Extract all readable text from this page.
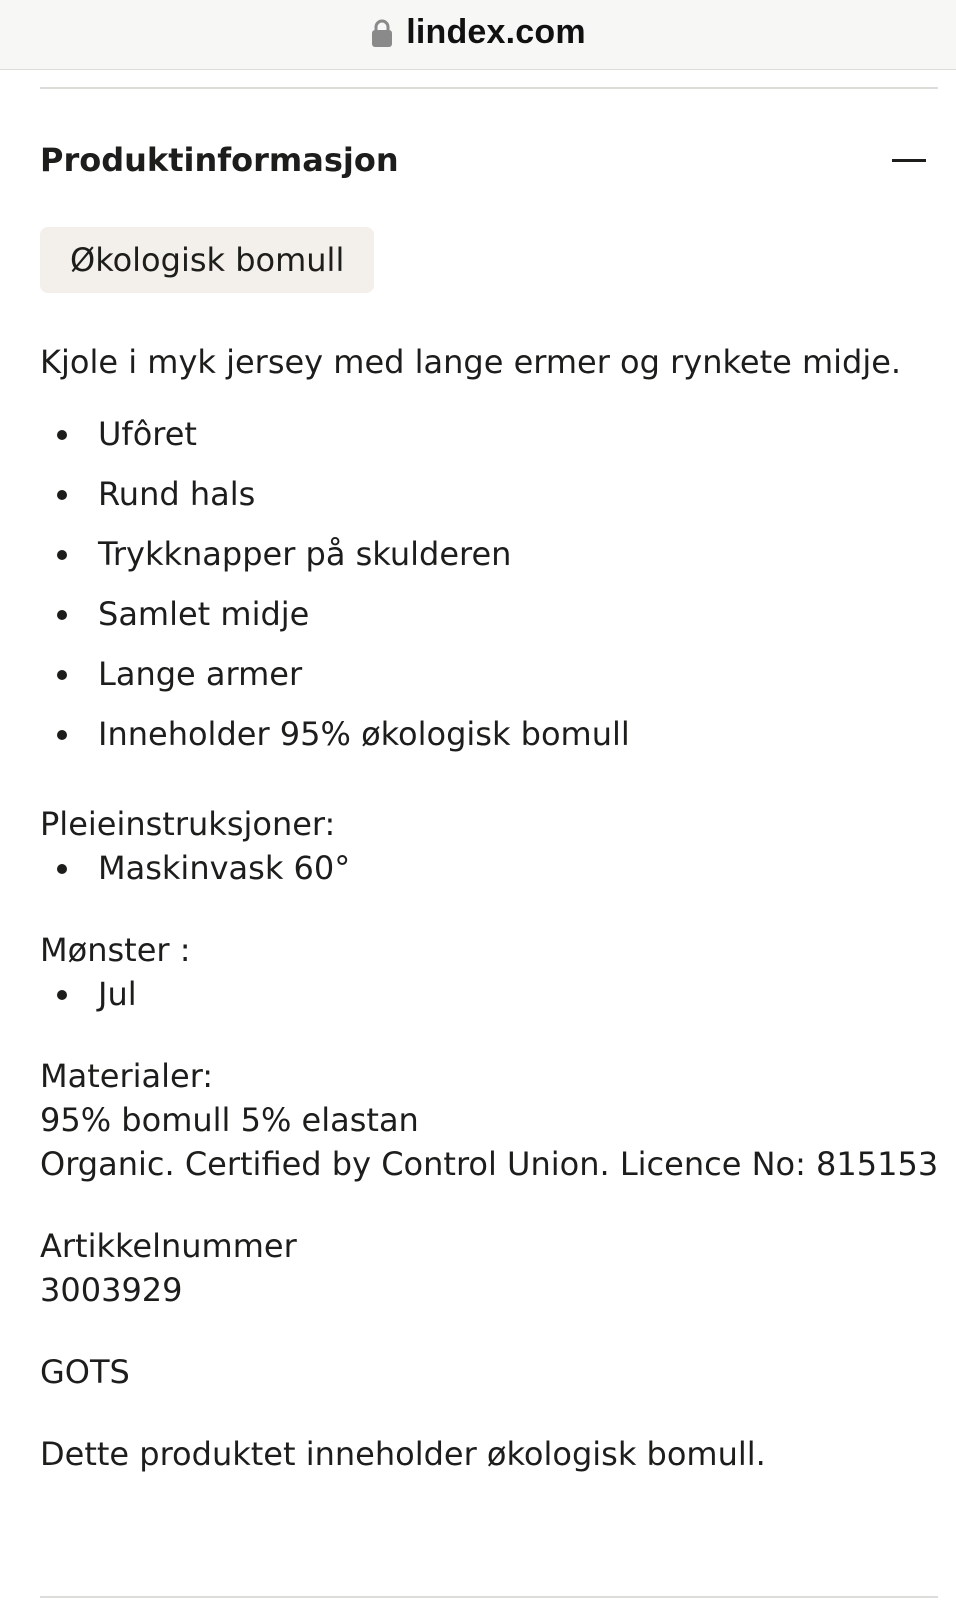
lindex.com
Produktinformasjon
Økologisk bomull

Kjole i myk jersey med lange ermer og rynkete midje.

Ufôret
Rund hals
Trykknapper på skulderen
Samlet midje
Lange armer
Inneholder 95% økologisk bomull

Pleieinstruksjoner:

Maskinvask 60°

Mønster :

Jul

Materialer:

95% bomull 5% elastan

Organic. Certified by Control Union. Licence No: 815153

Artikkelnummer

3003929

GOTS

Dette produktet inneholder økologisk bomull.
